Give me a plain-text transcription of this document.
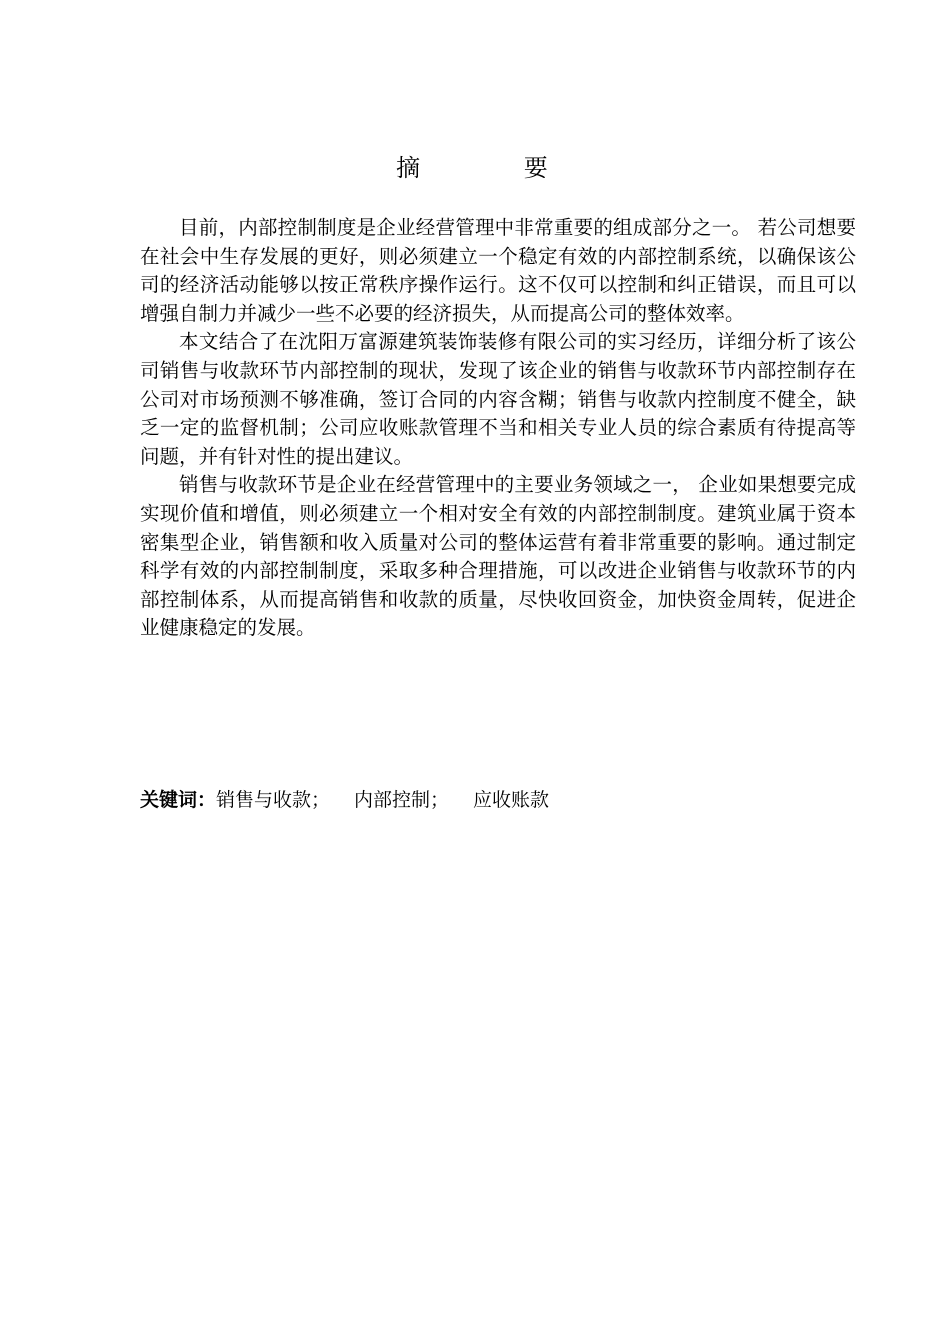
摘 要

目前，内部控制制度是企业经营管理中非常重要的组成部分之一。 若公司想要在社会中生存发展的更好，则必须建立一个稳定有效的内部控制系统，以确保该公司的经济活动能够以按正常秩序操作运行。这不仅可以控制和纠正错误，而且可以增强自制力并减少一些不必要的经济损失，从而提高公司的整体效率。

本文结合了在沈阳万富源建筑装饰装修有限公司的实习经历，详细分析了该公司销售与收款环节内部控制的现状，发现了该企业的销售与收款环节内部控制存在公司对市场预测不够准确，签订合同的内容含糊；销售与收款内控制度不健全，缺乏一定的监督机制；公司应收账款管理不当和相关专业人员的综合素质有待提高等问题，并有针对性的提出建议。

销售与收款环节是企业在经营管理中的主要业务领域之一， 企业如果想要完成实现价值和增值，则必须建立一个相对安全有效的内部控制制度。建筑业属于资本密集型企业，销售额和收入质量对公司的整体运营有着非常重要的影响。通过制定科学有效的内部控制制度，采取多种合理措施，可以改进企业销售与收款环节的内部控制体系，从而提高销售和收款的质量，尽快收回资金，加快资金周转，促进企业健康稳定的发展。

关键词：销售与收款； 内部控制； 应收账款
